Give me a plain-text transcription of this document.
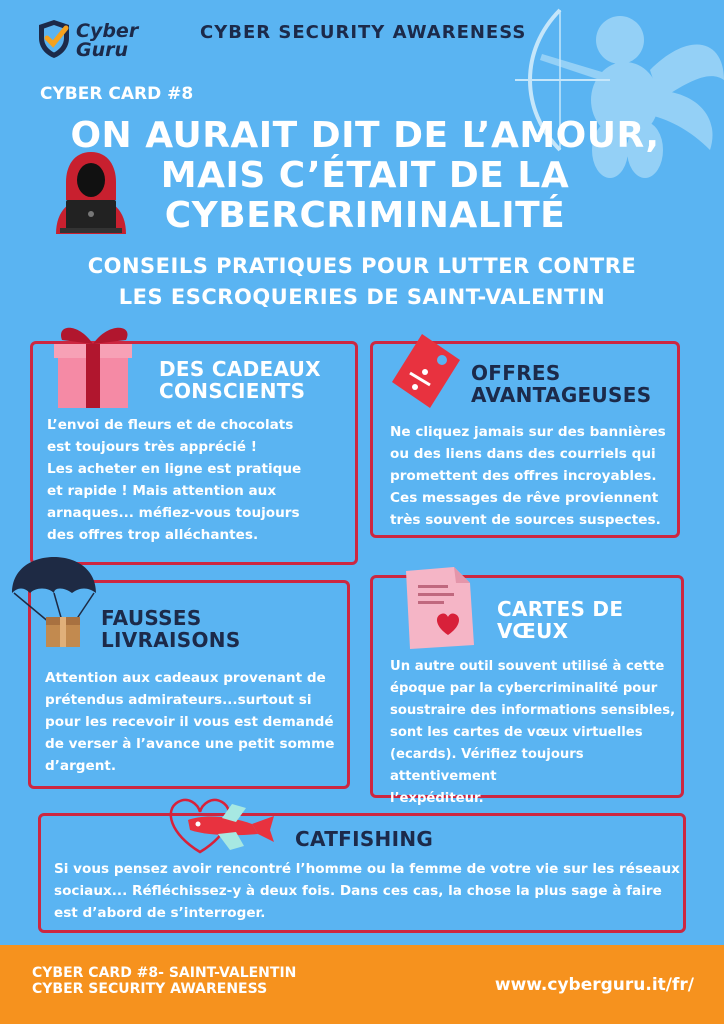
Cyber
Guru
CYBER SECURITY AWARENESS
CYBER CARD #8
ON AURAIT DIT DE L’AMOUR,
MAIS C’ÉTAIT DE LA
CYBERCRIMINALITÉ
CONSEILS PRATIQUES POUR LUTTER CONTRE
LES ESCROQUERIES DE SAINT-VALENTIN
DES CADEAUX
CONSCIENTS
L’envoi de fleurs et de chocolats
est toujours très apprécié !
Les acheter en ligne est pratique
et rapide ! Mais attention aux
arnaques... méfiez-vous toujours
des offres trop alléchantes.
OFFRES
AVANTAGEUSES
Ne cliquez jamais sur des bannières
ou des liens dans des courriels qui
promettent des offres incroyables.
Ces messages de rêve proviennent
très souvent de sources suspectes.
FAUSSES
LIVRAISONS
Attention aux cadeaux provenant de
prétendus admirateurs...surtout si
pour les recevoir il vous est demandé
de verser à l’avance une petit somme
d’argent.
CARTES DE
VŒUX
Un autre outil souvent utilisé à cette
époque par la cybercriminalité pour
soustraire des informations sensibles,
sont les cartes de vœux virtuelles
(ecards). Vérifiez toujours attentivement
l’expéditeur.
CATFISHING
Si vous pensez avoir rencontré l’homme ou la femme de votre vie sur les réseaux
sociaux... Réfléchissez-y à deux fois. Dans ces cas, la chose la plus sage à faire
est d’abord de s’interroger.
CYBER CARD #8- SAINT-VALENTIN
CYBER SECURITY AWARENESS	www.cyberguru.it/fr/
